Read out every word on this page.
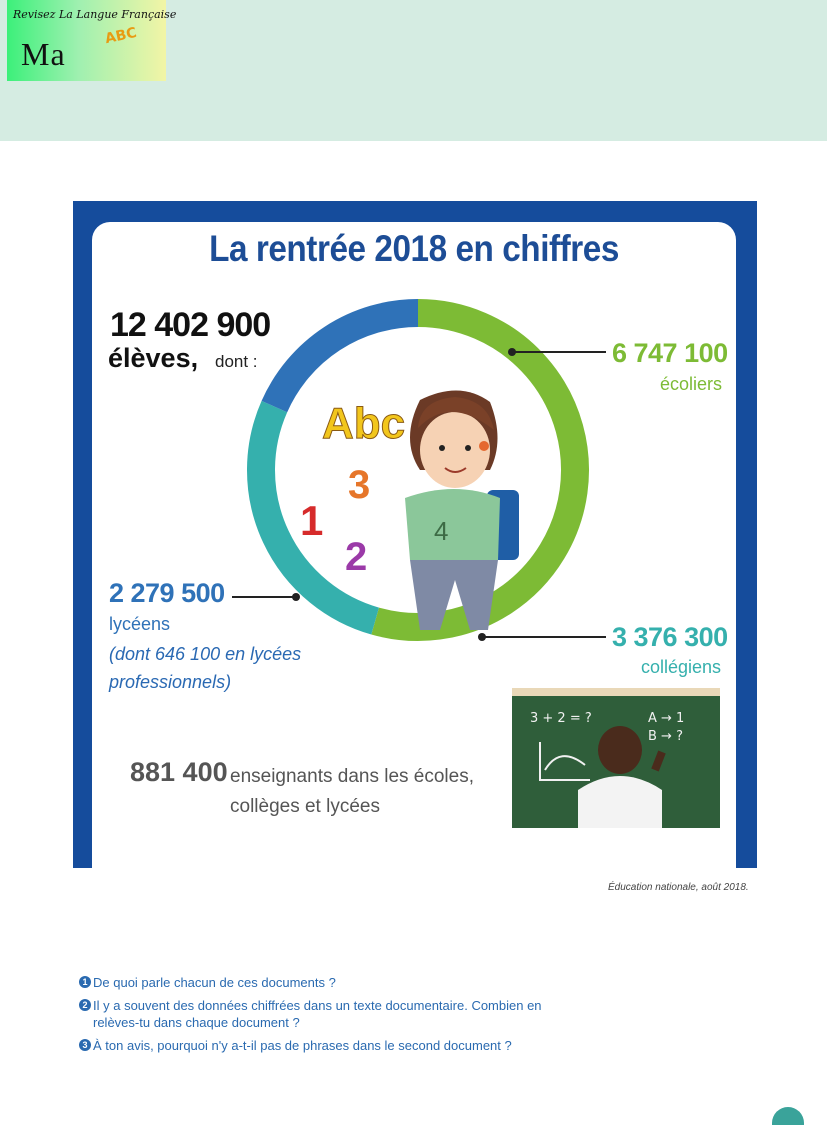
Revisez La Langue Française
Ma	ABC
La rentrée 2018 en chiffres
12 402 900
élèves, dont :
4
Abc
3
1
2
3 + 2 = ?	A → 1
B → ?
6 747 100
écoliers
3 376 300
collégiens
2 279 500
lycéens
(dont 646 100 en lycées professionnels)
881 400 enseignants dans les écoles, collèges et lycées
Éducation nationale, août 2018.
1 De quoi parle chacun de ces documents ?
2 Il y a souvent des données chiffrées dans un texte documentaire. Combien en relèves-tu dans chaque document ?
3 À ton avis, pourquoi n'y a-t-il pas de phrases dans le second document ?
